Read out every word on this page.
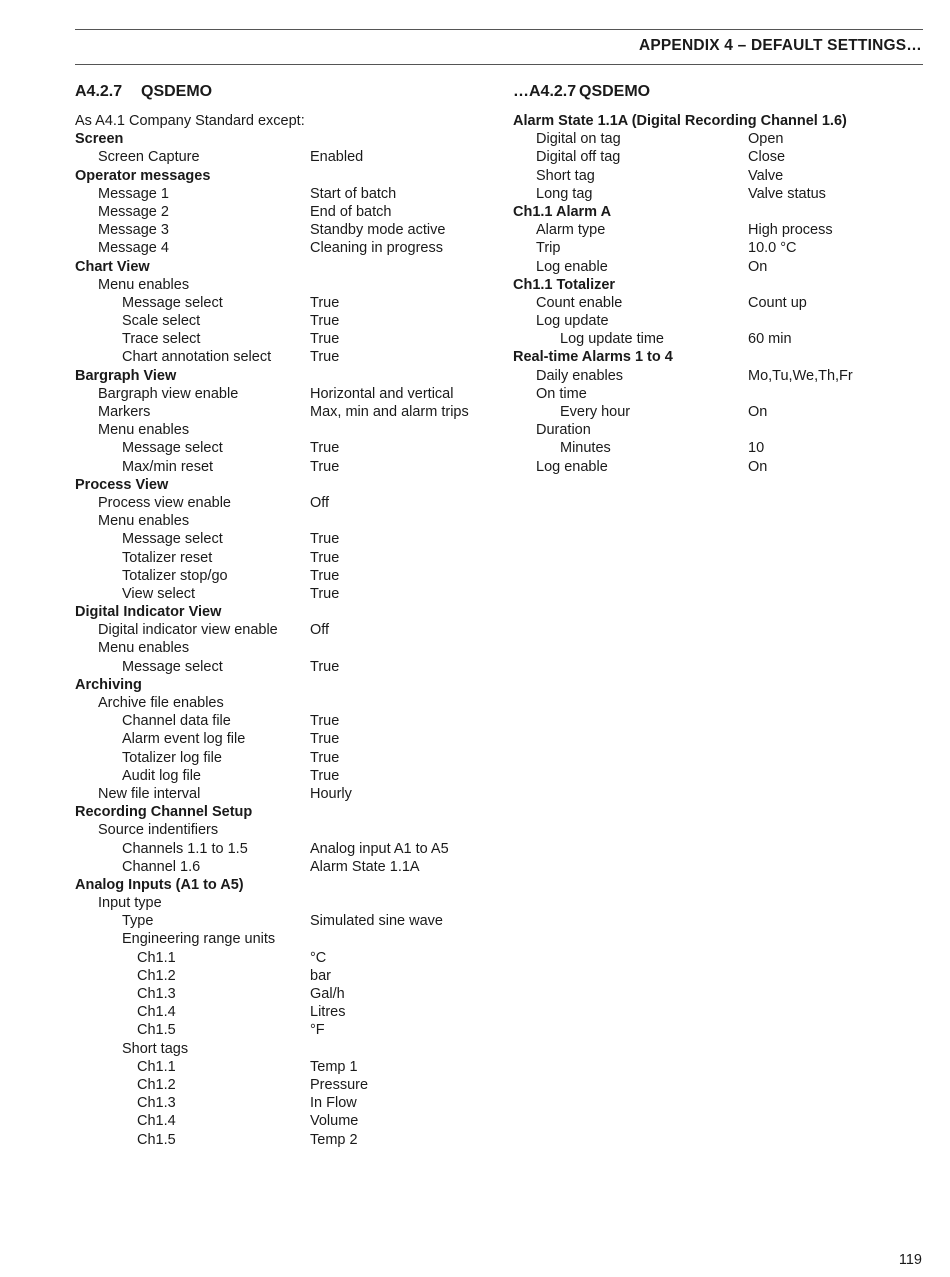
APPENDIX 4 – DEFAULT SETTINGS…
A4.2.7 QSDEMO
As A4.1 Company Standard except:
Screen
Screen Capture	Enabled
Operator messages
Message 1	Start of batch
Message 2	End of batch
Message 3	Standby mode active
Message 4	Cleaning in progress
Chart View
Menu enables
Message select	True
Scale select	True
Trace select	True
Chart annotation select	True
Bargraph View
Bargraph view enable	Horizontal and vertical
Markers	Max, min and alarm trips
Menu enables
Message select	True
Max/min reset	True
Process View
Process view enable	Off
Menu enables
Message select	True
Totalizer reset	True
Totalizer stop/go	True
View select	True
Digital Indicator View
Digital indicator view enable Off
Menu enables
Message select	True
Archiving
Archive file enables
Channel data file	True
Alarm event log file	True
Totalizer log file	True
Audit log file	True
New file interval	Hourly
Recording Channel Setup
Source indentifiers
Channels 1.1 to 1.5	Analog input A1 to A5
Channel 1.6	Alarm State 1.1A
Analog Inputs (A1 to A5)
Input type
Type	Simulated sine wave
Engineering range units
Ch1.1	°C
Ch1.2	bar
Ch1.3	Gal/h
Ch1.4	Litres
Ch1.5	°F
Short tags
Ch1.1	Temp 1
Ch1.2	Pressure
Ch1.3	In Flow
Ch1.4	Volume
Ch1.5	Temp 2
…A4.2.7 QSDEMO
Alarm State 1.1A (Digital Recording Channel 1.6)
Digital on tag	Open
Digital off tag	Close
Short tag	Valve
Long tag	Valve status
Ch1.1 Alarm A
Alarm type	High process
Trip	10.0 °C
Log enable	On
Ch1.1 Totalizer
Count enable	Count up
Log update
Log update time	60 min
Real-time Alarms 1 to 4
Daily enables	Mo,Tu,We,Th,Fr
On time
Every hour	On
Duration
Minutes	10
Log enable	On
119
